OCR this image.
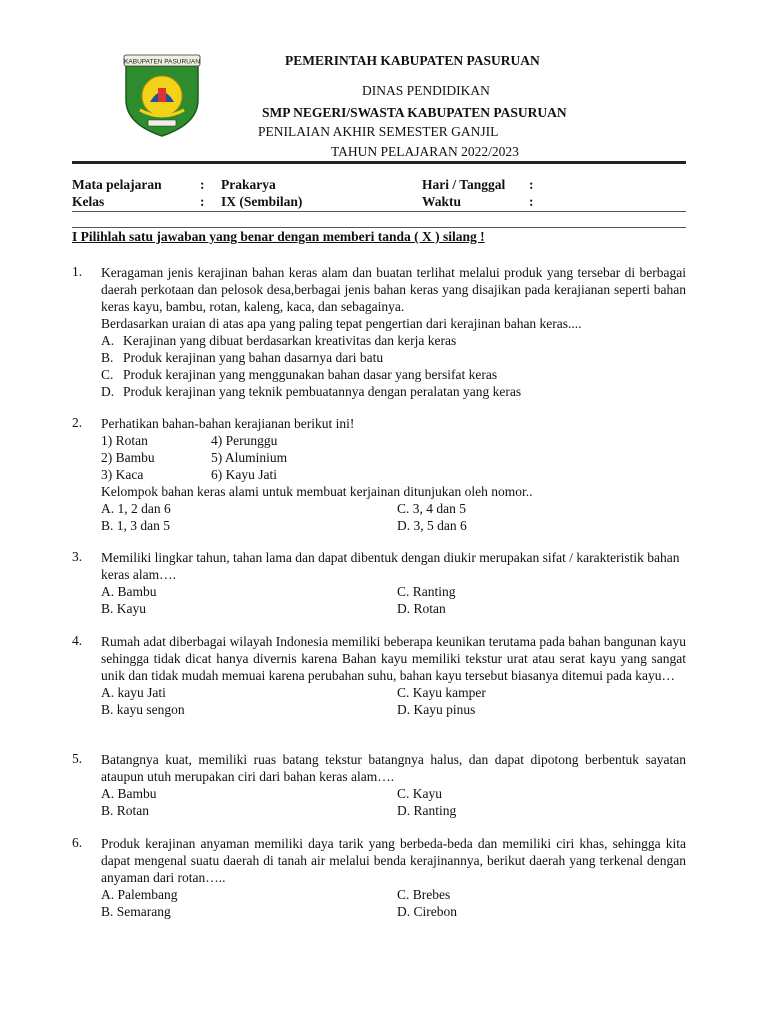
KABUPATEN PASURUAN	PEMERINTAH KABUPATEN PASURUAN
DINAS PENDIDIKAN
SMP NEGERI/SWASTA KABUPATEN PASURUAN
PENILAIAN AKHIR SEMESTER GANJIL
TAHUN PELAJARAN 2022/2023
Mata pelajaran	: Prakarya	Hari / Tanggal :
Kelas	: IX (Sembilan)	Waktu	:
I Pilihlah satu jawaban yang benar dengan memberi tanda ( X ) silang !
1. Keragaman jenis kerajinan bahan keras alam dan buatan terlihat melalui produk yang tersebar di berbagai daerah perkotaan dan pelosok desa,berbagai jenis bahan keras yang disajikan pada kerajianan seperti bahan keras kayu, bambu, rotan, kaleng, kaca, dan sebagainya.

Berdasarkan uraian di atas apa yang paling tepat pengertian dari kerajinan bahan keras....

A. Kerajinan yang dibuat berdasarkan kreativitas dan kerja keras
B. Produk kerajinan yang bahan dasarnya dari batu
C. Produk kerajinan yang menggunakan bahan dasar yang bersifat keras
D. Produk kerajinan yang teknik pembuatannya dengan peralatan yang keras
2. Perhatikan bahan-bahan kerajianan berikut ini!

1) Rotan	4) Perunggu
2) Bambu	5) Aluminium
3) Kaca	6) Kayu Jati

Kelompok bahan keras alami untuk membuat kerjainan ditunjukan oleh nomor..

A. 1, 2 dan 6	C. 3, 4 dan 5
B. 1, 3 dan 5	D. 3, 5 dan 6
3. Memiliki lingkar tahun, tahan lama dan dapat dibentuk dengan diukir merupakan sifat / karakteristik bahan keras alam….

A. Bambu	C. Ranting
B. Kayu	D. Rotan
4. Rumah adat diberbagai wilayah Indonesia memiliki beberapa keunikan terutama pada bahan bangunan kayu sehingga tidak dicat hanya divernis karena Bahan kayu memiliki tekstur urat atau serat kayu yang sangat unik dan tidak mudah memuai karena perubahan suhu, bahan kayu tersebut biasanya ditemui pada kayu…

A. kayu Jati	C. Kayu kamper
B. kayu sengon	D. Kayu pinus
5. Batangnya kuat, memiliki ruas batang tekstur batangnya halus, dan dapat dipotong berbentuk sayatan ataupun utuh merupakan ciri dari bahan keras alam….

A. Bambu	C. Kayu
B. Rotan	D. Ranting
6. Produk kerajinan anyaman memiliki daya tarik yang berbeda-beda dan memiliki ciri khas, sehingga kita dapat mengenal suatu daerah di tanah air melalui benda kerajinannya, berikut daerah yang terkenal dengan anyaman dari rotan…..

A. Palembang	C. Brebes
B. Semarang	D. Cirebon
